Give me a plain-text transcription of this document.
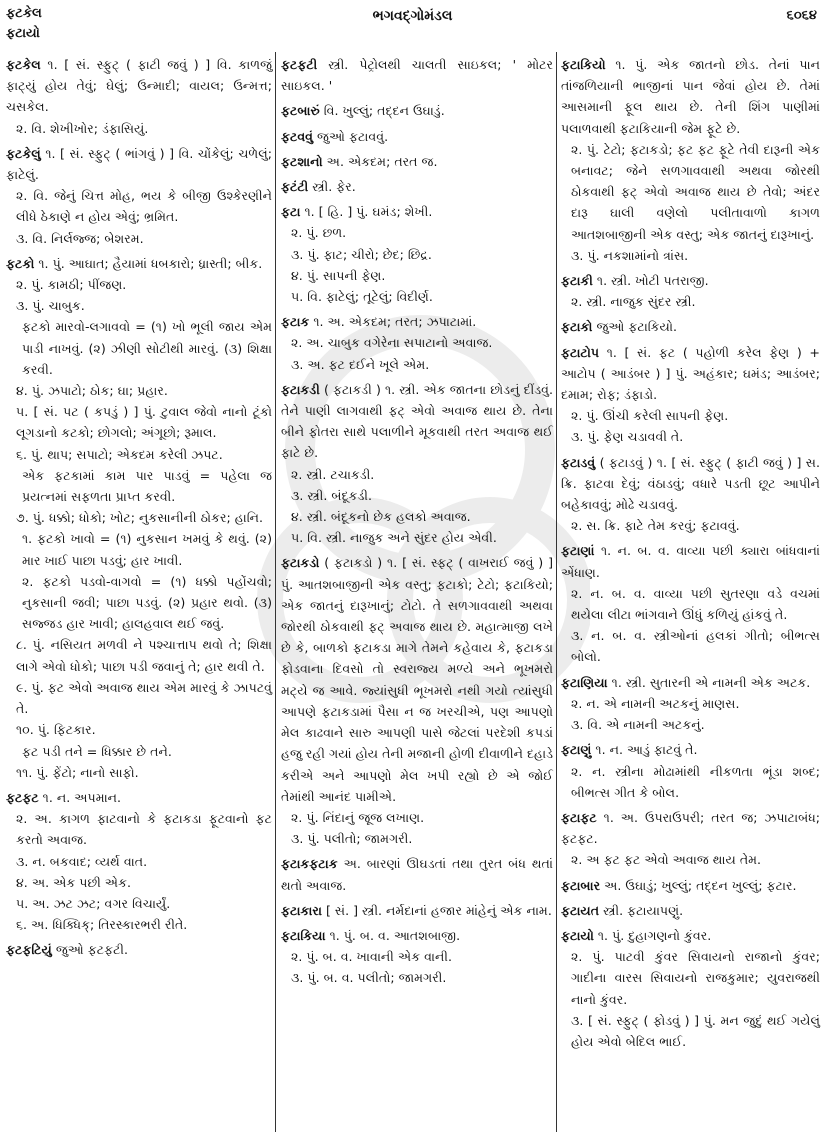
ફટકેલ
ફટાયો
ભગવદ્ગોમંડલ	૬૦૬૪

ફટકેલ ૧. [ સં. સ્ફુટ્ ( ફાટી જવું ) ] વિ. કાળજું ફાટ્યું હોય તેવું; ઘેલું; ઉન્માદી; વાયલ; ઉન્મત્ત; ચસકેલ.

૨. વિ. શેખીખોર; ડંફાસિયું.

ફટકેલું ૧. [ સં. સ્ફુટ્ ( ભાંગવું ) ] વિ. ચોંકેલું; ચળેલું; ફાટેલું.

૨. વિ. જેનું ચિત્ત મોહ, ભય કે બીજી ઉશ્કેરણીને લીધે ઠેકાણે ન હોય એવું; ભ્રમિત.

૩. વિ. નિર્લજ્જ; બેશરમ.

ફટકો ૧. પું. આઘાત; હૈયામાં ધબકારો; ધ્રાસ્તી; બીક.

૨. પું. કામઠી; પીંજણ.

૩. પું. ચાબુક.

ફટકો મારવો-લગાવવો = (૧) ખો ભૂલી જાય એમ પાડી નાખવું. (૨) ઝીણી સોટીથી મારવું. (૩) શિક્ષા કરવી.

૪. પું. ઝપાટો; ઠોક; ઘા; પ્રહાર.

૫. [ સં. પટ ( કપડું ) ] પું. ટુવાલ જેવો નાનો ટૂંકો લૂગડાનો કટકો; છોગલો; અંગૂછો; રૂમાલ.

૬. પું. થાપ; સપાટો; એકદમ કરેલી ઝપટ.

એક ફટકામાં કામ પાર પાડવું = પહેલા જ પ્રયત્નમાં સફળતા પ્રાપ્ત કરવી.

૭. પું. ધક્કો; ધોકો; ખોટ; નુકસાનીની ઠોકર; હાનિ.

૧. ફટકો ખાવો = (૧) નુકસાન ખમવું કે થવું. (૨) માર ખાઈ પાછા પડવું; હાર ખાવી.

૨. ફટકો પડવો-વાગવો = (૧) ધક્કો પહોંચવો; નુકસાની જવી; પાછા પડવું. (૨) પ્રહાર થવો. (૩) સજ્જડ હાર ખાવી; હાલહવાલ થઈ જવું.

૮. પું. નસિયત મળવી ને પશ્ચાત્તાપ થવો તે; શિક્ષા લાગે એવો ધોકો; પાછા પડી જવાનું તે; હાર થવી તે.

૯. પું. ફટ એવો અવાજ થાય એમ મારવું કે ઝાપટવું તે.

૧૦. પું. ફિટકાર.

ફટ પડી તને = ધિક્કાર છે તને.

૧૧. પું. ફેંટો; નાનો સાફો.

ફટફટ ૧. ન. અપમાન.

૨. અ. કાગળ ફાટવાનો કે ફટાકડા ફૂટવાનો ફટ કરતો અવાજ.

૩. ન. બકવાદ; વ્યર્થ વાત.

૪. અ. એક પછી એક.

૫. અ. ઝટ ઝટ; વગર વિચાર્યું.

૬. અ. ધિક્ધિક્; તિરસ્કારભરી રીતે.

ફટફટિયું જુઓ ફટફટી.

ફટફટી સ્ત્રી. પેટ્રોલથી ચાલતી સાઇકલ; ' મોટર સાઇકલ. '

ફટબારું વિ. ખુલ્લું; તદ્દન ઉઘાડું.

ફટવવું જુઓ ફટાવવું.

ફટશાનો અ. એકદમ; તરત જ.

ફટંટી સ્ત્રી. ફેર.

ફટા ૧. [ હિ. ] પું. ઘમંડ; શેખી.

૨. પું. છળ.

૩. પું. ફાટ; ચીરો; છેદ; છિદ્ર.

૪. પું. સાપની ફેણ.

૫. વિ. ફાટેલું; તૂટેલું; વિદીર્ણ.

ફટાક ૧. અ. એકદમ; તરત; ઝપાટામાં.

૨. અ. ચાબુક વગેરેના સપાટાનો અવાજ.

૩. અ. ફટ દઈને ખૂલે એમ.

ફટાકડી ( ફટાકડી ) ૧. સ્ત્રી. એક જાતના છોડનું દીંડવું. તેને પાણી લાગવાથી ફટ્ એવો અવાજ થાય છે. તેના બીને ફોતરા સાથે પલાળીને મૂકવાથી તરત અવાજ થઈ ફાટે છે.

૨. સ્ત્રી. ટચાકડી.

૩. સ્ત્રી. બંદૂકડી.

૪. સ્ત્રી. બંદૂકનો છેક હલકો અવાજ.

૫. વિ. સ્ત્રી. નાજુક અને સુંદર હોય એવી.

ફટાકડો ( ફટાકડો ) ૧. [ સં. સ્ફટ્ ( વાખરાઈ જવું ) ] પું. આતશબાજીની એક વસ્તુ; ફટાકો; ટેટો; ફટાકિયો; એક જાતનું દારૂખાનું; ટોટો. તે સળગાવવાથી અથવા જોરથી ઠોકવાથી ફટ્ અવાજ થાય છે. મહાત્માજી લખે છે કે, બાળકો ફટાકડા માગે તેમને કહેવાય કે, ફટાકડા ફોડવાના દિવસો તો સ્વરાજ્ય મળ્યે અને ભૂખમરો મટ્યે જ આવે. જ્યાંસુધી ભૂખમરો નથી ગયો ત્યાંસુધી આપણે ફટાકડામાં પૈસા ન જ ખરચીએ, પણ આપણો મેલ કાઢવાને સારુ આપણી પાસે જેટલાં પરદેશી કપડાં હજુ રહી ગયાં હોય તેની મજાની હોળી દીવાળીને દહાડે કરીએ અને આપણો મેલ ખપી રહ્યો છે એ જોઈ તેમાંથી આનંદ પામીએ.

૨. પું. નિંદાનું જૂજ લખાણ.

૩. પું. પલીતો; જામગરી.

ફટાકફટાક અ. બારણાં ઊઘડતાં તથા તુરત બંધ થતાં થતો અવાજ.

ફટાકારા [ સં. ] સ્ત્રી. નર્મદાનાં હજાર માંહેનું એક નામ.

ફટાકિયા ૧. પું. બ. વ. આતશબાજી.

૨. પું. બ. વ. ખાવાની એક વાની.

૩. પું. બ. વ. પલીતો; જામગરી.

ફટાકિયો ૧. પું. એક જાતનો છોડ. તેનાં પાન તાંજળિયાની ભાજીનાં પાન જેવાં હોય છે. તેમાં આસમાની ફૂલ થાય છે. તેની શિંગ પાણીમાં પલાળવાથી ફટાકિયાની જેમ ફૂટે છે.

૨. પું. ટેટો; ફટાકડો; ફટ ફટ ફૂટે તેવી દારૂની એક બનાવટ; જેને સળગાવવાથી અથવા જોરથી ઠોકવાથી ફટ્ એવો અવાજ થાય છે તેવો; અંદર દારૂ ઘાલી વણેલો પલીતાવાળો કાગળ આતશબાજીની એક વસ્તુ; એક જાતનું દારૂખાનું.

૩. પું. નકશામાંનો ત્રાંસ.

ફટાકી ૧. સ્ત્રી. ખોટી પતરાજી.

૨. સ્ત્રી. નાજુક સુંદર સ્ત્રી.

ફટાકો જુઓ ફટાકિયો.

ફટાટોપ ૧. [ સં. ફટ ( પહોળી કરેલ ફેણ ) + આટોપ ( આડંબર ) ] પું. અહંકાર; ઘમંડ; આડંબર; દમામ; રોફ; ડંફાડો.

૨. પું. ઊંચી કરેલી સાપની ફેણ.

૩. પું. ફેણ ચડાવવી તે.

ફટાડવું ( ફટાડવું ) ૧. [ સં. સ્ફુટ્ ( ફાટી જવું ) ] સ. ક્રિ. ફાટવા દેવું; વંઠાડવું; વધારે પડતી છૂટ આપીને બહેકાવવું; મોઢે ચડાવવું.

૨. સ. ક્રિ. ફાટે તેમ કરવું; ફટાવવું.

ફટાણાં ૧. ન. બ. વ. વાવ્યા પછી ક્યારા બાંધવાનાં એંધાણ.

૨. ન. બ. વ. વાવ્યા પછી સુતરણા વડે વચમાં થયેલા લીટા ભાંગવાને ઊંધું કળિયું હાંકવું તે.

૩. ન. બ. વ. સ્ત્રીઓનાં હલકાં ગીતો; બીભત્સ બોલો.

ફટાણિયા ૧. સ્ત્રી. સુતારની એ નામની એક અટક.

૨. ન. એ નામની અટકનું માણસ.

૩. વિ. એ નામની અટકનું.

ફટાણું ૧. ન. આડું ફાટવું તે.

૨. ન. સ્ત્રીના મોઢામાંથી નીકળતા ભૂંડા શબ્દ; બીભત્સ ગીત કે બોલ.

ફટાફટ ૧. અ. ઉપરાઉપરી; તરત જ; ઝપાટાબંધ; ફટફટ.

૨. અ ફટ ફટ એવો અવાજ થાય તેમ.

ફટાબાર અ. ઉઘાડું; ખુલ્લું; તદ્દન ખુલ્લું; ફટાર.

ફટાયત સ્ત્રી. ફટાયાપણું.

ફટાયો ૧. પું. દુહાગણનો કુંવર.

૨. પું. પાટવી કુંવર સિવાયનો રાજાનો કુંવર; ગાદીના વારસ સિવાયનો રાજકુમાર; યુવરાજથી નાનો કુંવર.

૩. [ સં. સ્ફુટ્ ( ફોડવું ) ] પું. મન જુદું થઈ ગયેલું હોય એવો બેદિલ ભાઈ.
